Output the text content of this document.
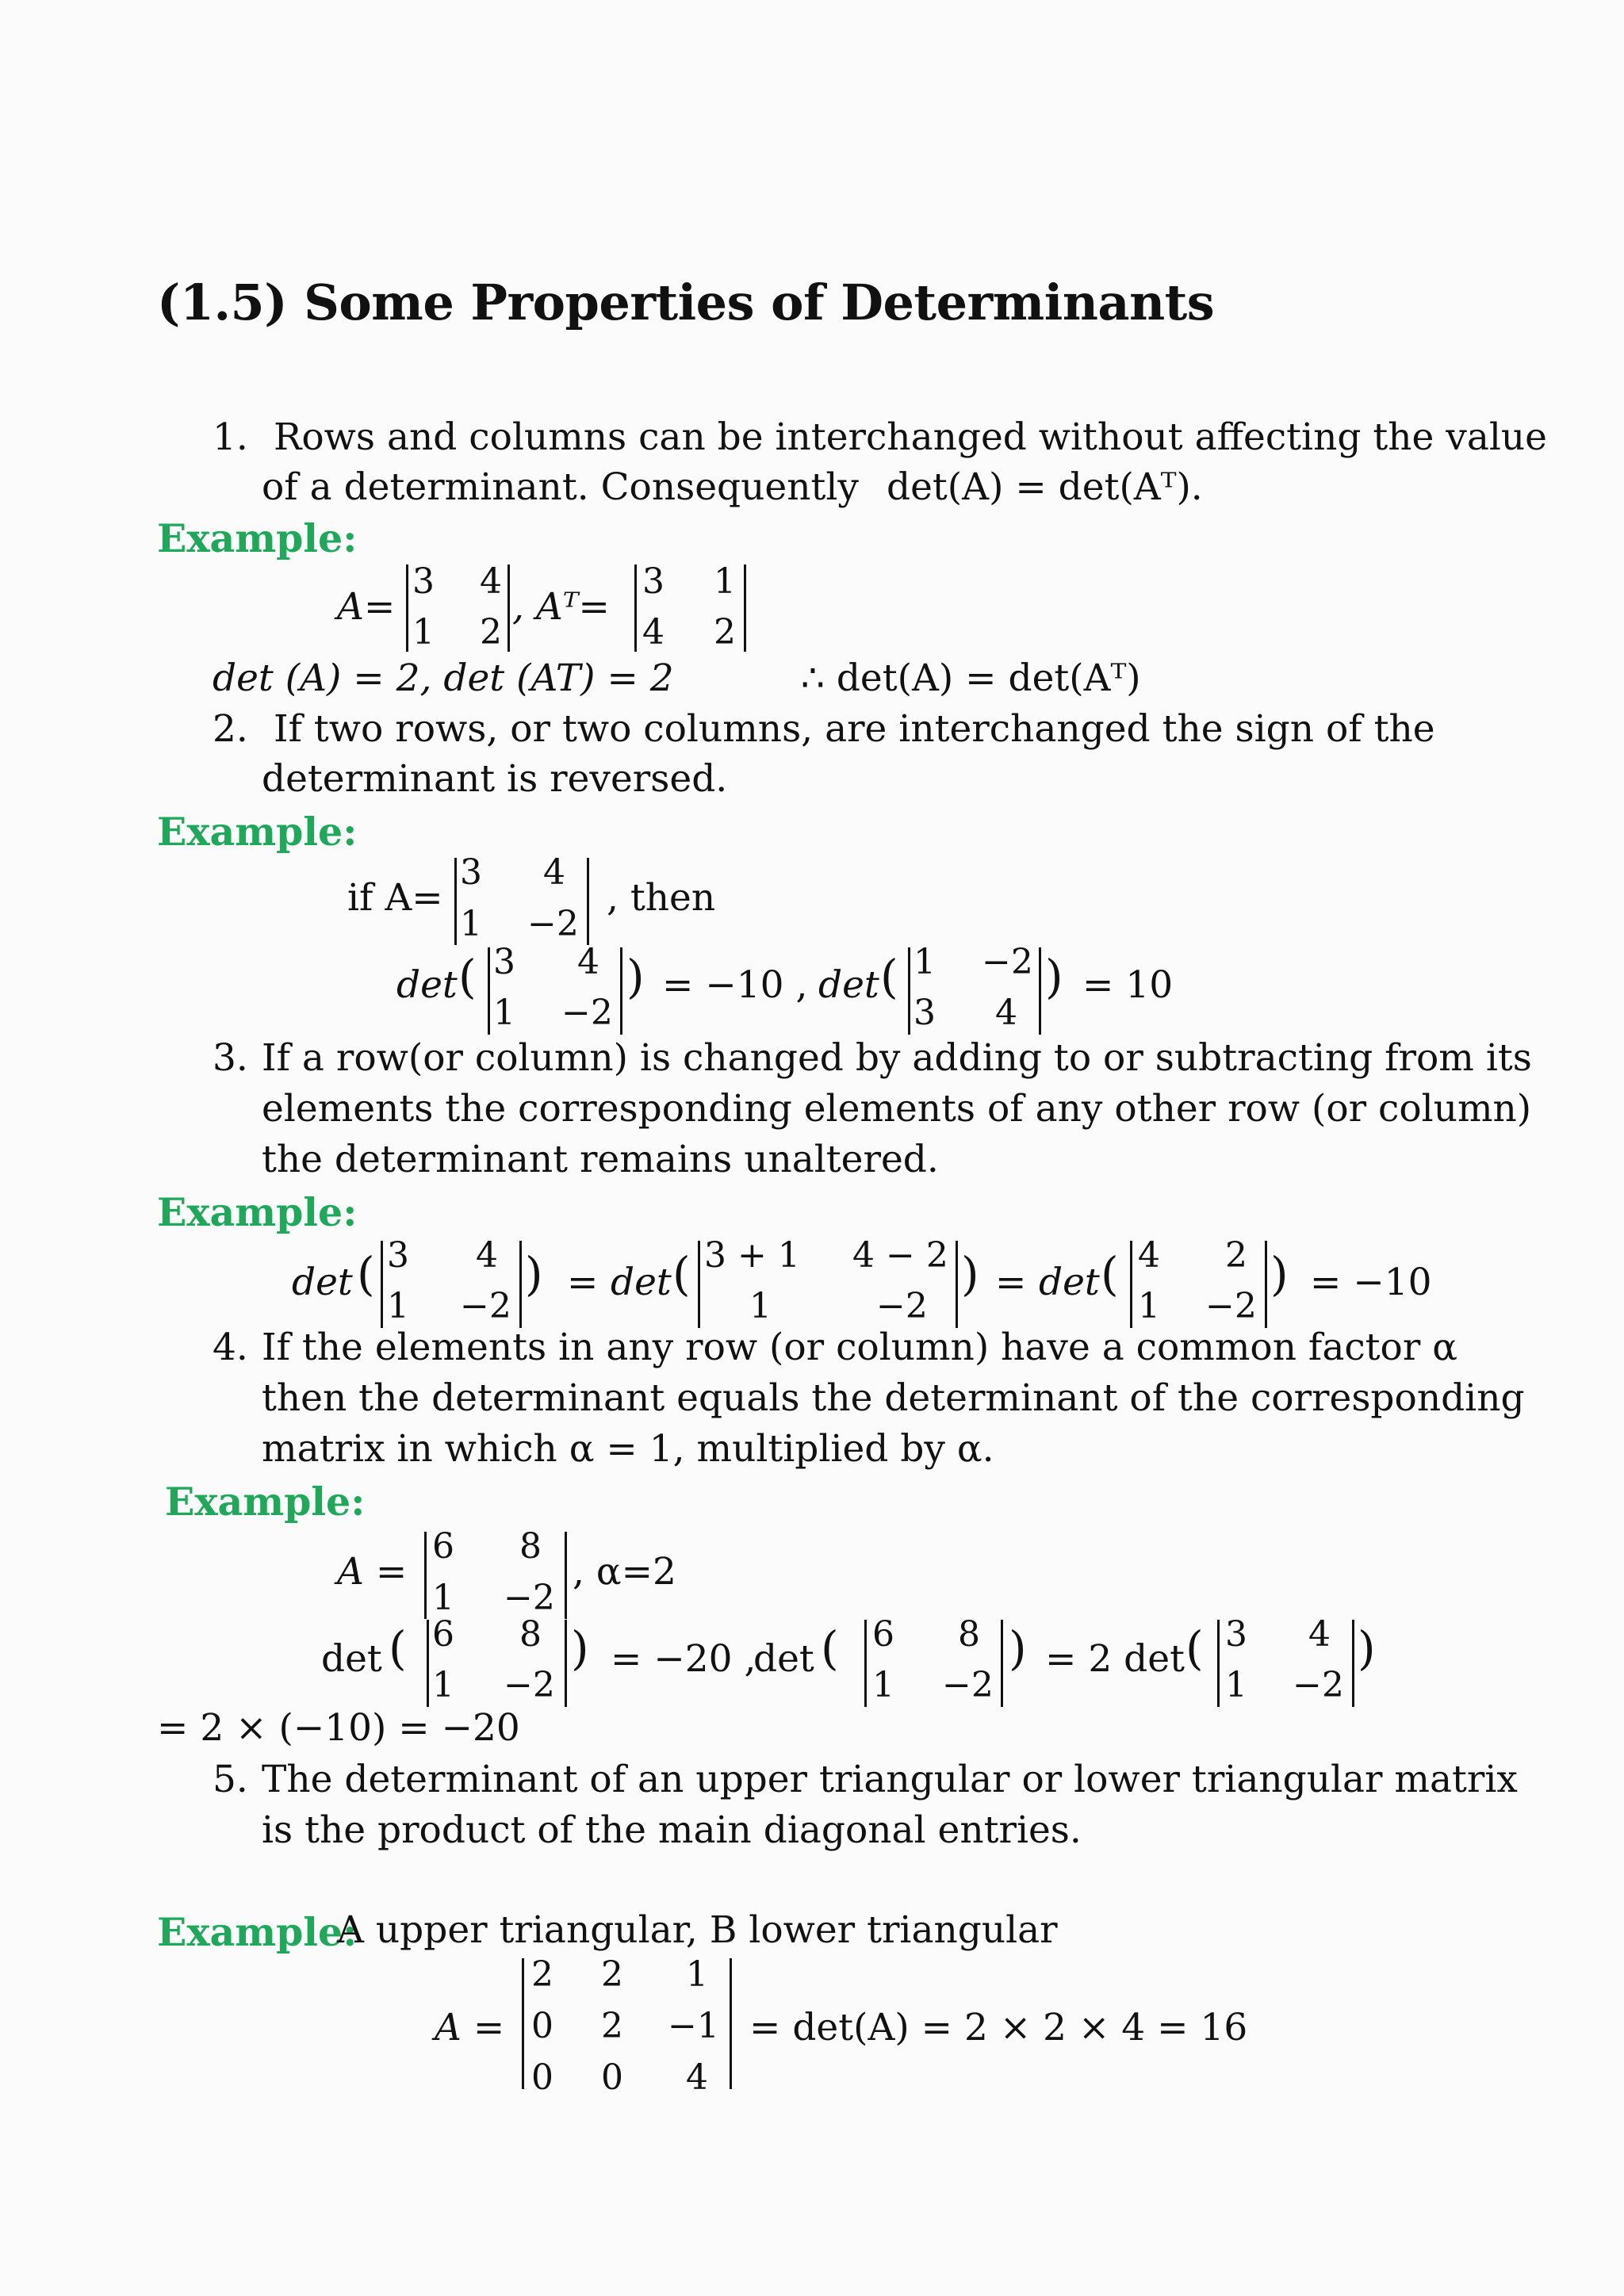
(1.5) Some Properties of Determinants
1. Rows and columns can be interchanged without affecting the value
of a determinant. Consequently det(A) = det(Aᵀ).
Example:
A=
3 4
1 2
, Aᵀ=
3 1
4 2
det (A) = 2, det (AT) = 2	∴ det(A) = det(Aᵀ)
2. If two rows, or two columns, are interchanged the sign of the
determinant is reversed.
Example:
if A=
3 4
1 −2
, then
det ( 3 4
1 −2
) = −10 , det ( 1 −2
3 4
) = 10
3. If a row(or column) is changed by adding to or subtracting from its
elements the corresponding elements of any other row (or column)
the determinant remains unaltered.
Example:
det ( 3 4
1 −2
) = det ( 3 + 1 4 − 2
1	−2
) = det ( 4 2
1 −2
) = −10
4. If the elements in any row (or column) have a common factor α
then the determinant equals the determinant of the corresponding
matrix in which α = 1, multiplied by α.
Example:
A =
6 8
1 −2
, α=2
det ( 6 8
1 −2
) = −20 ,
det ( 6 8
1 −2
) = 2 det ( 3 4
1 −2
)
= 2 × (−10) = −20
5. The determinant of an upper triangular or lower triangular matrix
is the product of the main diagonal entries.
Example:
A upper triangular, B lower triangular
A =
2 2 1
0 2 −1
0 0 4
= det(A) = 2 × 2 × 4 = 16
